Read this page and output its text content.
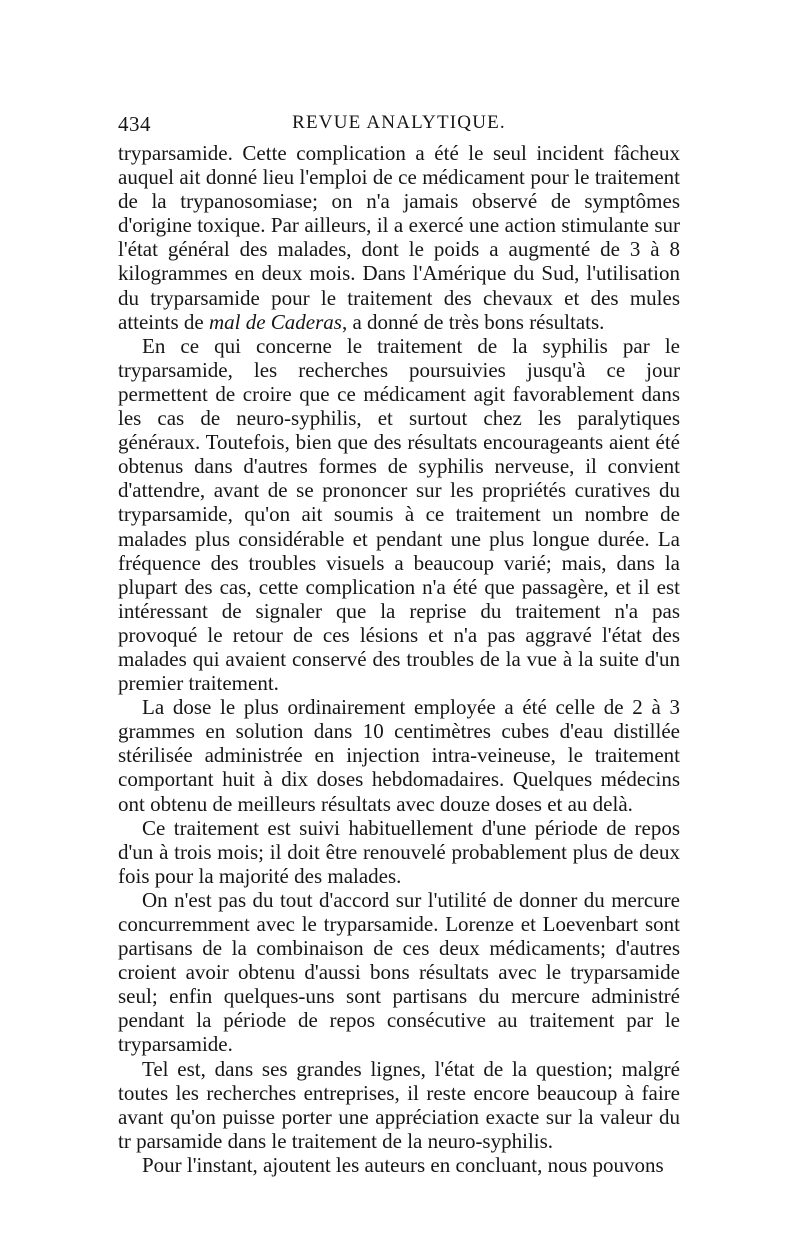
434	REVUE ANALYTIQUE.

tryparsamide. Cette complication a été le seul incident fâcheux auquel ait donné lieu l'emploi de ce médicament pour le traitement de la trypanosomiase; on n'a jamais observé de symptômes d'origine toxique. Par ailleurs, il a exercé une action stimulante sur l'état général des malades, dont le poids a augmenté de 3 à 8 kilogrammes en deux mois. Dans l'Amérique du Sud, l'utilisation du tryparsamide pour le traitement des chevaux et des mules atteints de mal de Caderas, a donné de très bons résultats.

En ce qui concerne le traitement de la syphilis par le tryparsamide, les recherches poursuivies jusqu'à ce jour permettent de croire que ce médicament agit favorablement dans les cas de neuro-syphilis, et surtout chez les paralytiques généraux. Toutefois, bien que des résultats encourageants aient été obtenus dans d'autres formes de syphilis nerveuse, il convient d'attendre, avant de se prononcer sur les propriétés curatives du tryparsamide, qu'on ait soumis à ce traitement un nombre de malades plus considérable et pendant une plus longue durée. La fréquence des troubles visuels a beaucoup varié; mais, dans la plupart des cas, cette complication n'a été que passagère, et il est intéressant de signaler que la reprise du traitement n'a pas provoqué le retour de ces lésions et n'a pas aggravé l'état des malades qui avaient conservé des troubles de la vue à la suite d'un premier traitement.

La dose le plus ordinairement employée a été celle de 2 à 3 grammes en solution dans 10 centimètres cubes d'eau distillée stérilisée administrée en injection intra-veineuse, le traitement comportant huit à dix doses hebdomadaires. Quelques médecins ont obtenu de meilleurs résultats avec douze doses et au delà.

Ce traitement est suivi habituellement d'une période de repos d'un à trois mois; il doit être renouvelé probablement plus de deux fois pour la majorité des malades.

On n'est pas du tout d'accord sur l'utilité de donner du mercure concurremment avec le tryparsamide. Lorenze et Loevenbart sont partisans de la combinaison de ces deux médicaments; d'autres croient avoir obtenu d'aussi bons résultats avec le tryparsamide seul; enfin quelques-uns sont partisans du mercure administré pendant la période de repos consécutive au traitement par le tryparsamide.

Tel est, dans ses grandes lignes, l'état de la question; malgré toutes les recherches entreprises, il reste encore beaucoup à faire avant qu'on puisse porter une appréciation exacte sur la valeur du tr parsamide dans le traitement de la neuro-syphilis.

Pour l'instant, ajoutent les auteurs en concluant, nous pouvons
